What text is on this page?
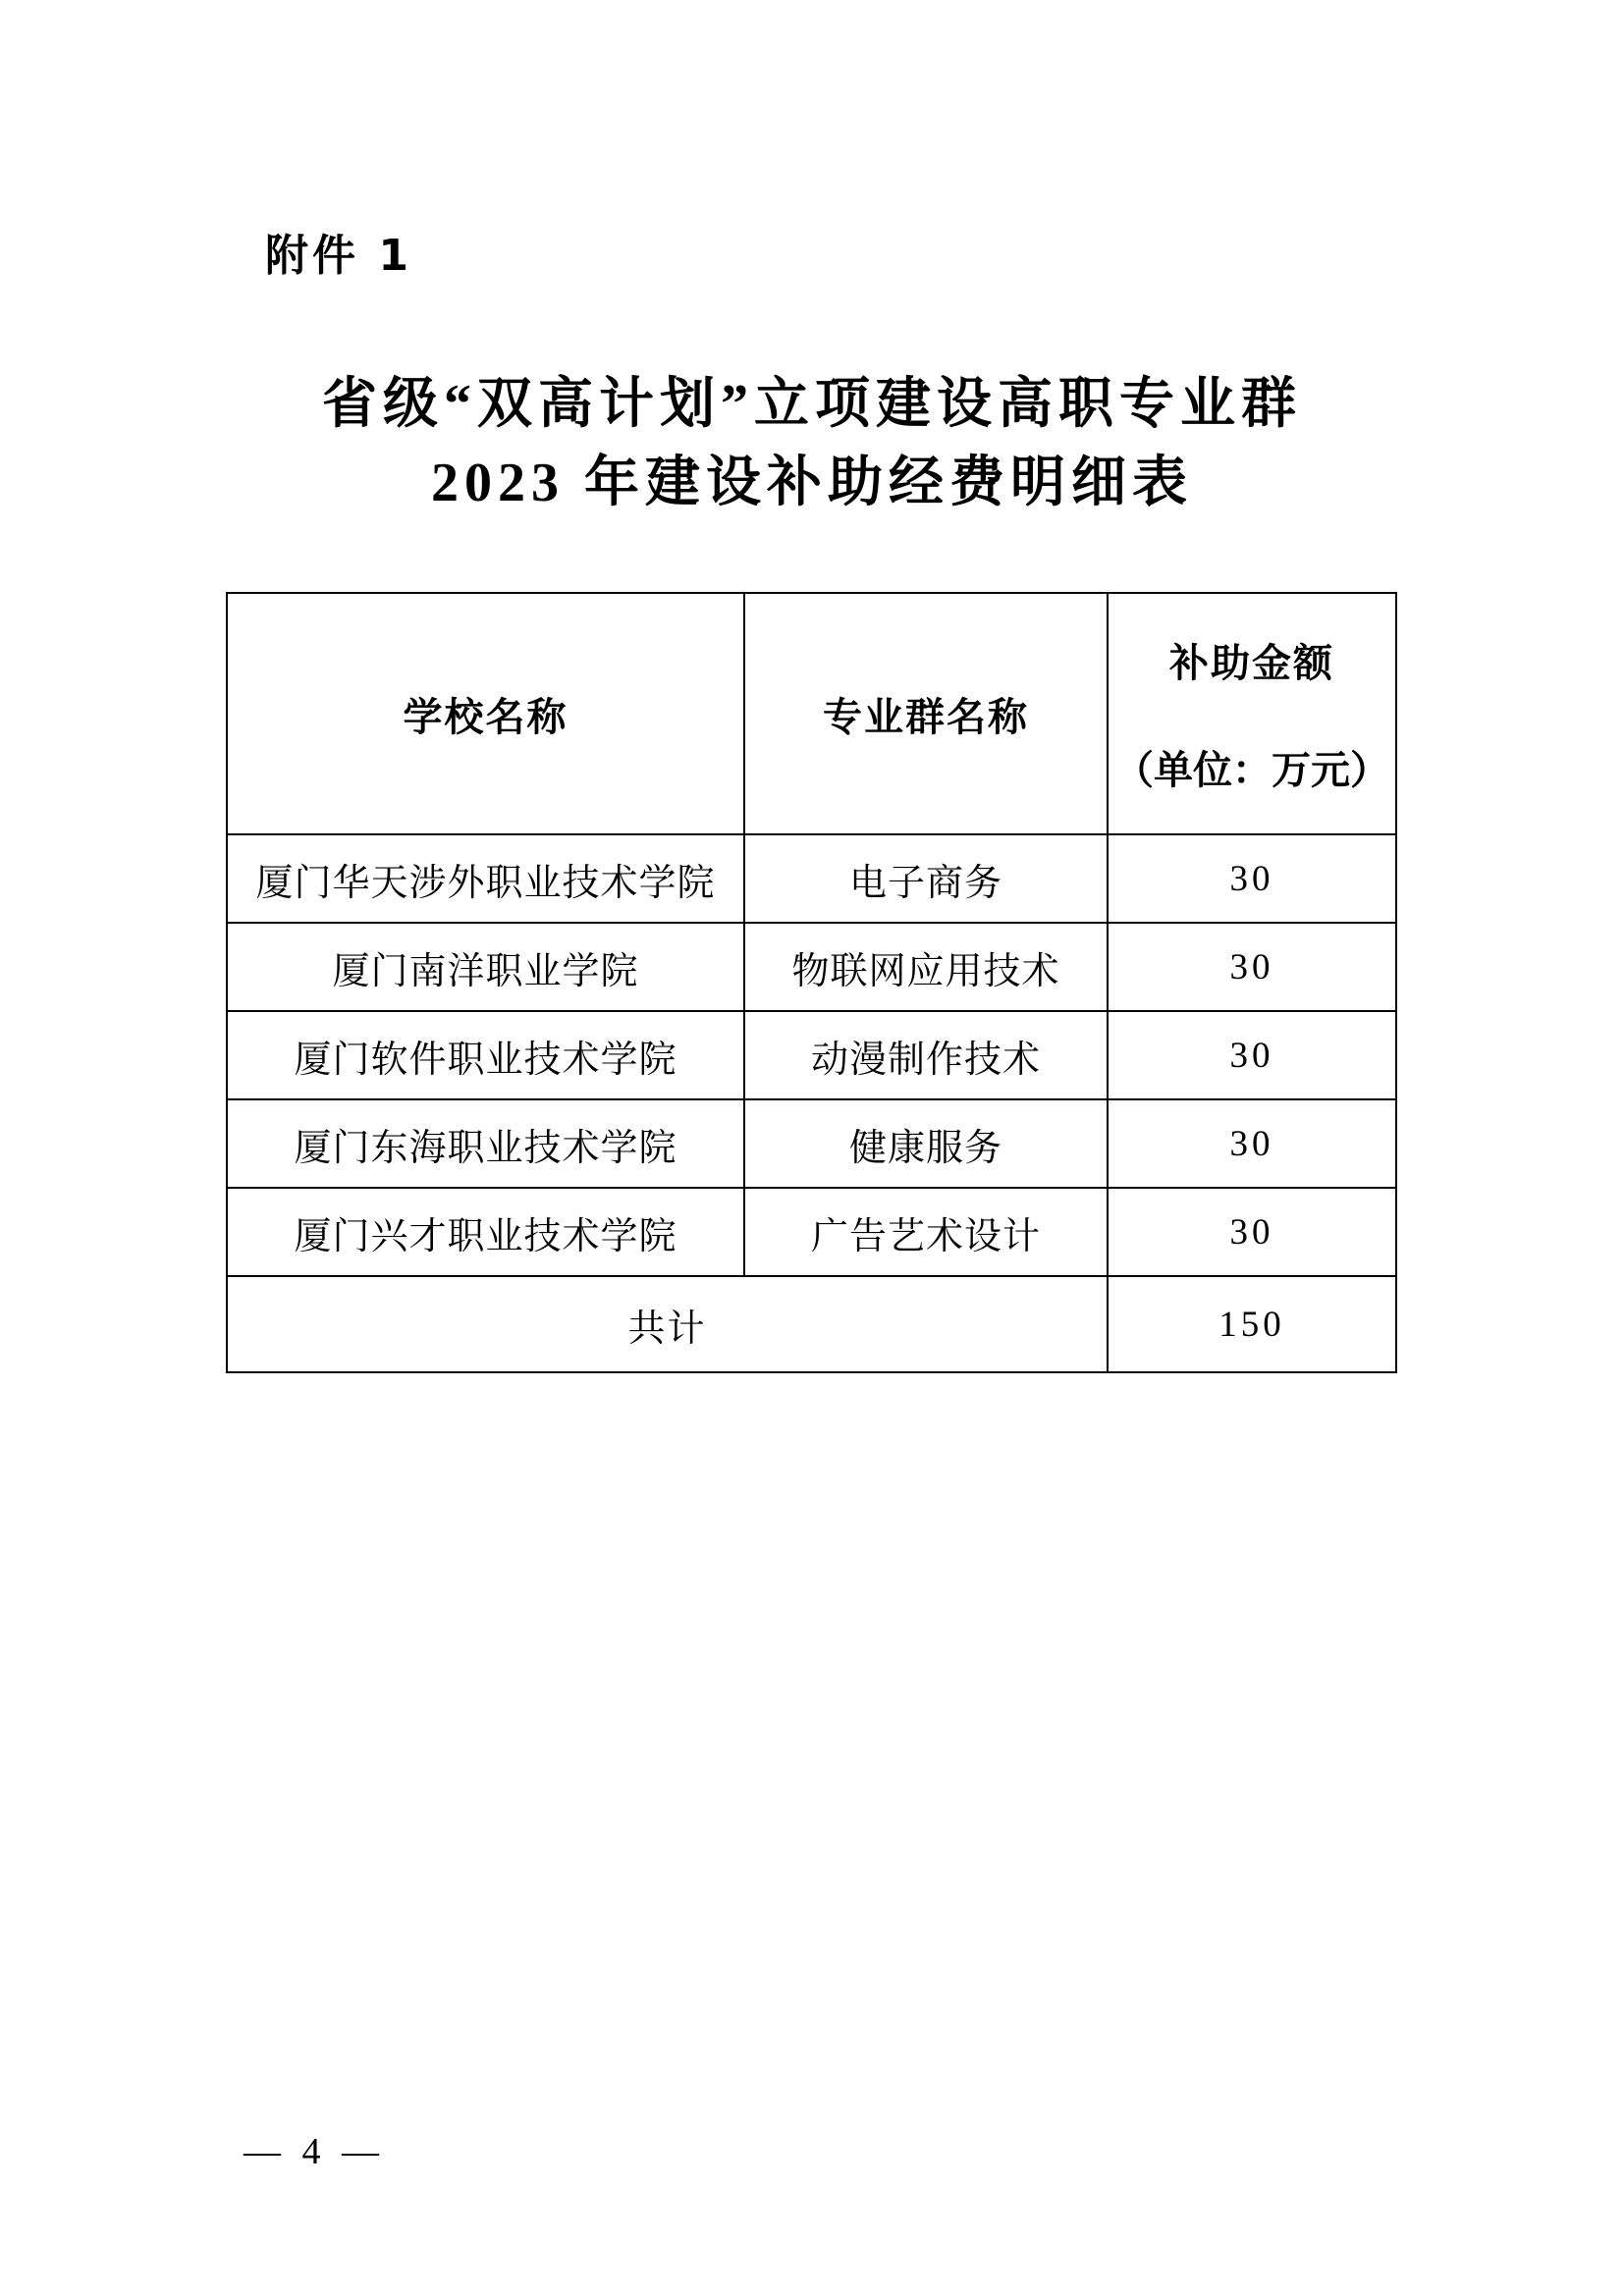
附件 1
省级“双高计划”立项建设高职专业群
2023 年建设补助经费明细表
学校名称	专业群名称	补助金额
（单位：万元）

厦门华天涉外职业技术学院	电子商务	30
厦门南洋职业学院	物联网应用技术	30
厦门软件职业技术学院	动漫制作技术	30
厦门东海职业技术学院	健康服务	30
厦门兴才职业技术学院	广告艺术设计	30
共计		150
— 4 —
